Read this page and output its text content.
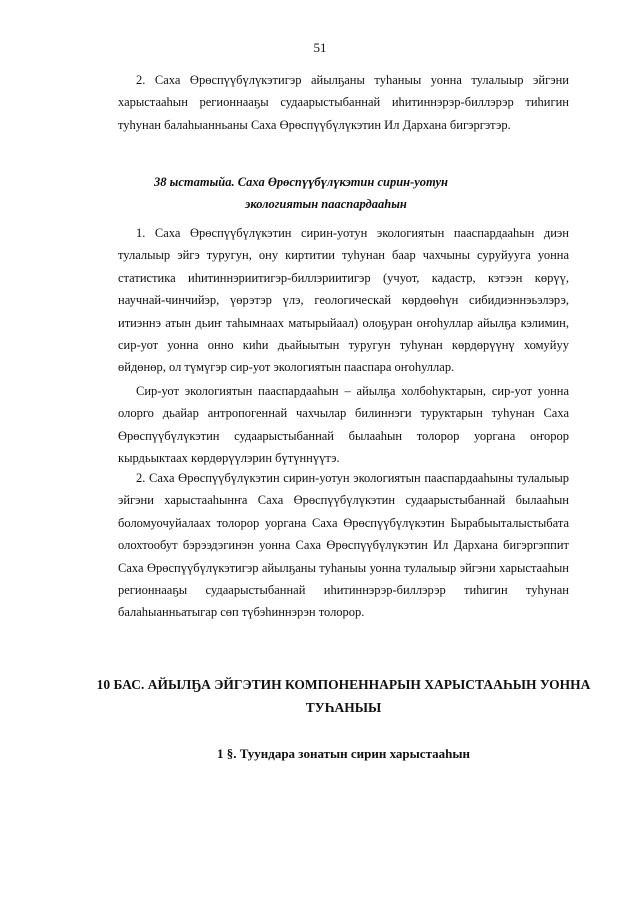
51

2. Саха Өрөспүүбүлүкэтигэр айылҕаны туһаныы уонна тулалыыр эйгэни харыстааһын регионнааҕы судаарыстыбаннай иһитиннэрэр-биллэрэр тиһигин туһунан балаһыанньаны Саха Өрөспүүбүлүкэтин Ил Дархана бигэргэтэр.

38 ыстатыйа. Саха Өрөспүүбүлүкэтин сирин-уотун
экологиятын пааспардааһын

1. Саха Өрөспүүбүлүкэтин сирин-уотун экологиятын пааспардааһын диэн тулалыыр эйгэ туругун, ону киртитии туһунан баар чахчыны суруйууга уонна статистика иһитиннэриитигэр-биллэриитигэр (учуот, кадастр, кэтээн көрүү, научнай-чинчийэр, үөрэтэр үлэ, геологическай көрдөөһүн сибидиэннэьэлэрэ, итиэннэ атын дьиҥ таһымнаах матырыйаал) олоҕуран оҥоһуллар айылҕа кэлимин, сир-уот уонна онно киһи дьайыытын туругун туһунан көрдөрүүнү хомуйуу өйдөнөр, ол түмүгэр сир-уот экологиятын пааспара оҥоһуллар.

Сир-уот экологиятын пааспардааһын – айылҕа холбоһуктарын, сир-уот уонна олорго дьайар антропогеннай чахчылар билиннэги туруктарын туһунан Саха Өрөспүүбүлүкэтин судаарыстыбаннай былааһын толорор уоргана оҥорор кырдьыктаах көрдөрүүлэрин бүтүннүүтэ.

2. Саха Өрөспүүбүлүкэтин сирин-уотун экологиятын пааспардааһыны тулалыыр эйгэни харыстааһынҥа Саха Өрөспүүбүлүкэтин судаарыстыбаннай былааһын боломуочуйалаах толорор уоргана Саха Өрөспүүбүлүкэтин Бырабыыталыстыбата олохтообут бэрээдэгинэн уонна Саха Өрөспүүбүлүкэтин Ил Дархана бигэргэппит Саха Өрөспүүбүлүкэтигэр айылҕаны туһаныы уонна тулалыыр эйгэни харыстааһын регионнааҕы судаарыстыбаннай иһитиннэрэр-биллэрэр тиһигин туһунан балаһыанньатыгар сөп түбэһиннэрэн толорор.

10 БАС. АЙЫЛҔА ЭЙГЭТИН КОМПОНЕННАРЫН ХАРЫСТААҺЫН УОННА ТУҺАНЫЫ
1 §. Туундара зонатын сирин харыстааһын
